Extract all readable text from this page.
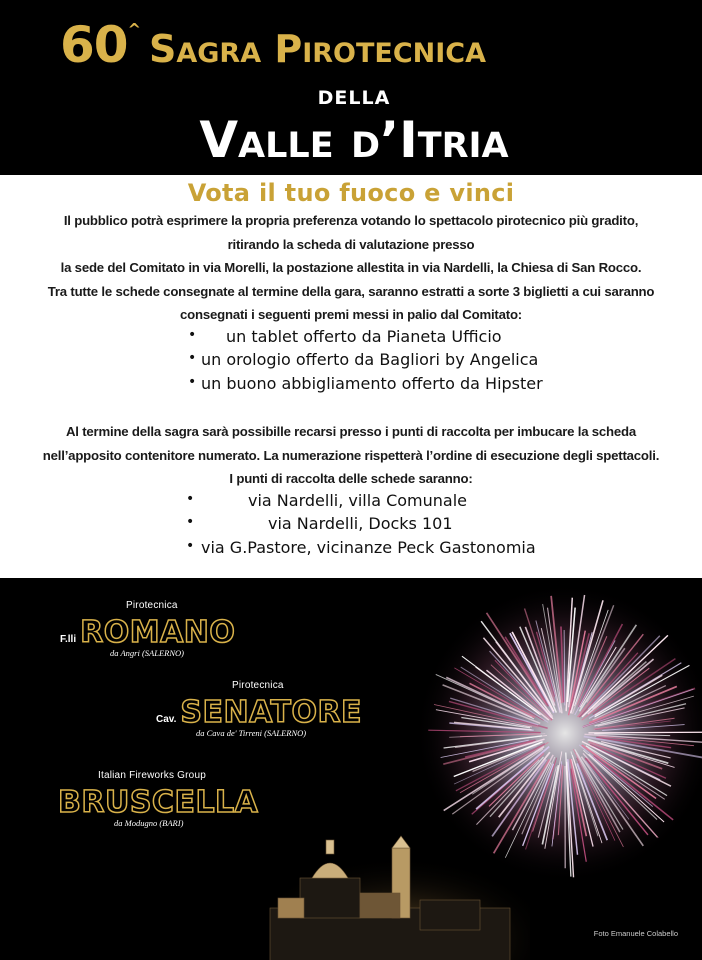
60^ Sagra Pirotecnica
della
Valle d’Itria
Vota il tuo fuoco e vinci
Il pubblico potrà esprimere la propria preferenza votando lo spettacolo pirotecnico più gradito,
ritirando la scheda di valutazione presso
la sede del Comitato in via Morelli, la postazione allestita in via Nardelli, la Chiesa di San Rocco.
Tra tutte le schede consegnate al termine della gara, saranno estratti a sorte 3 biglietti a cui saranno
consegnati i seguenti premi messi in palio dal Comitato:
• un tablet offerto da Pianeta Ufficio
• un orologio offerto da Bagliori by Angelica
• un buono abbigliamento offerto da Hipster
Al termine della sagra sarà possibille recarsi presso i punti di raccolta per imbucare la scheda
nell’apposito contenitore numerato. La numerazione rispetterà l’ordine di esecuzione degli spettacoli.
I punti di raccolta delle schede saranno:
•	via Nardelli, villa Comunale
•	via Nardelli, Docks 101
• via G.Pastore, vicinanze Peck Gastonomia
Pirotecnica
F.lli ROMANO
da Angri (SALERNO)
Pirotecnica
Cav. SENATORE
da Cava de' Tirreni (SALERNO)
Italian Fireworks Group
BRUSCELLA
da Modugno (BARI)
Foto Emanuele Colabello
